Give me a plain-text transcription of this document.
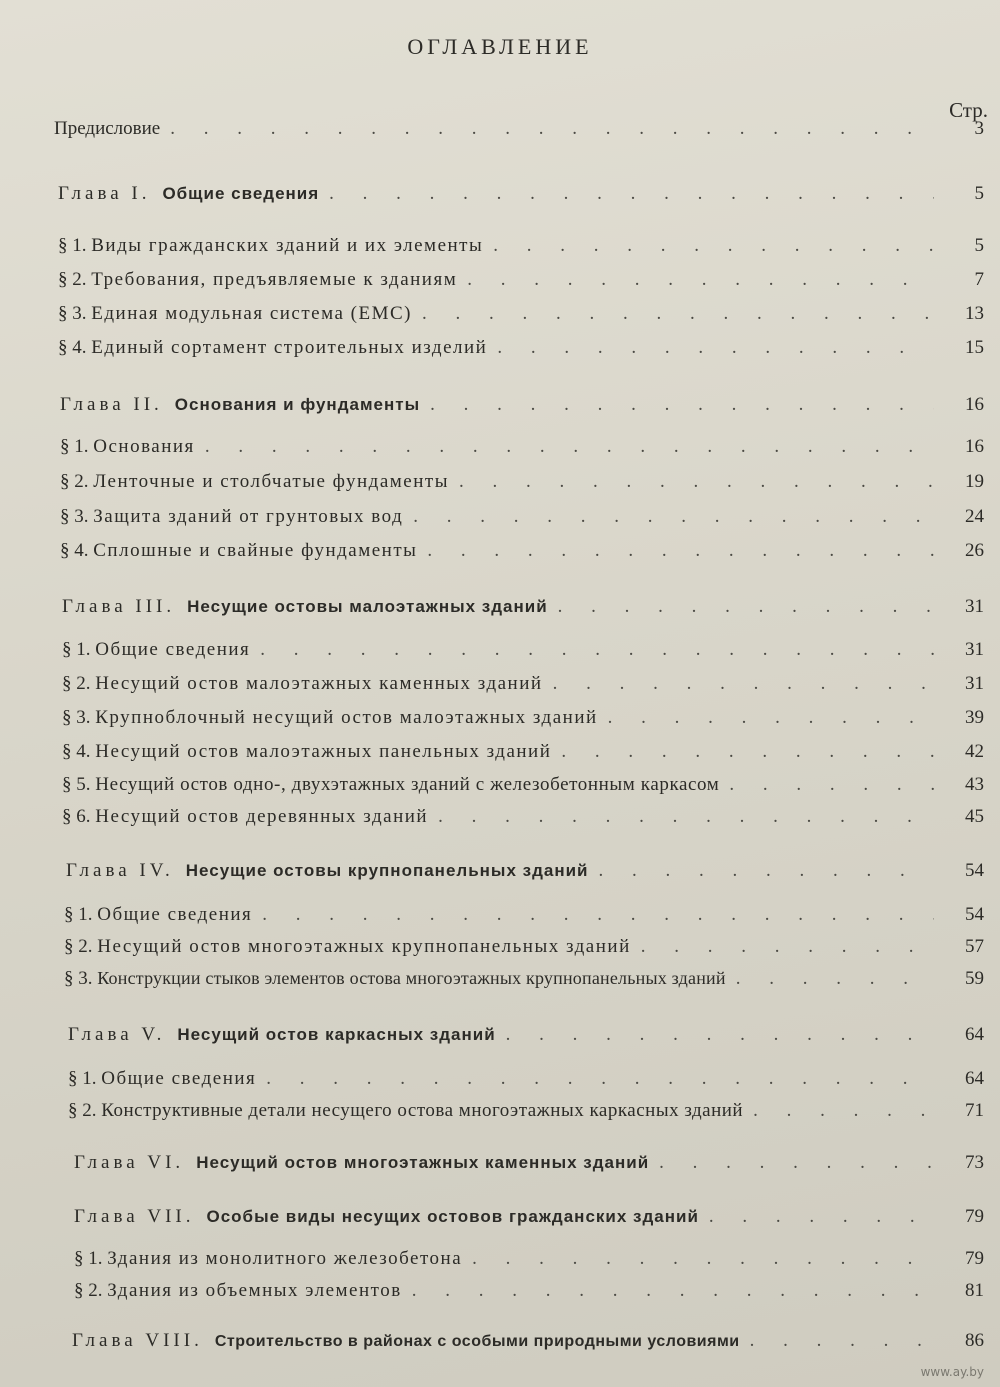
ОГЛАВЛЕНИЕ
Стр.
Предисловие . . .	3
Глава I. Общие сведения . . .	5
§ 1. Виды гражданских зданий и их элементы . . .	5
§ 2. Требования, предъявляемые к зданиям . . .	7
§ 3. Единая модульная система (ЕМС) . . .	13
§ 4. Единый сортамент строительных изделий . . .	15
Глава II. Основания и фундаменты . . .	16
§ 1. Основания . . .	16
§ 2. Ленточные и столбчатые фундаменты . . .	19
§ 3. Защита зданий от грунтовых вод . . .	24
§ 4. Сплошные и свайные фундаменты . . .	26
Глава III. Несущие остовы малоэтажных зданий . . .	31
§ 1. Общие сведения . . .	31
§ 2. Несущий остов малоэтажных каменных зданий . . .	31
§ 3. Крупноблочный несущий остов малоэтажных зданий . . .	39
§ 4. Несущий остов малоэтажных панельных зданий . . .	42
§ 5. Несущий остов одно-, двухэтажных зданий с железобетонным каркасом . . .	43
§ 6. Несущий остов деревянных зданий . . .	45
Глава IV. Несущие остовы крупнопанельных зданий . . .	54
§ 1. Общие сведения . . .	54
§ 2. Несущий остов многоэтажных крупнопанельных зданий . . .	57
§ 3. Конструкции стыков элементов остова многоэтажных крупнопанельных зданий . . .	59
Глава V. Несущий остов каркасных зданий . . .	64
§ 1. Общие сведения . . .	64
§ 2. Конструктивные детали несущего остова многоэтажных каркасных зданий . . .	71
Глава VI. Несущий остов многоэтажных каменных зданий . . .	73
Глава VII. Особые виды несущих остовов гражданских зданий . . .	79
§ 1. Здания из монолитного железобетона . . .	79
§ 2. Здания из объемных элементов . . .	81
Глава VIII. Строительство в районах с особыми природными условиями . . .	86
www.ay.by
